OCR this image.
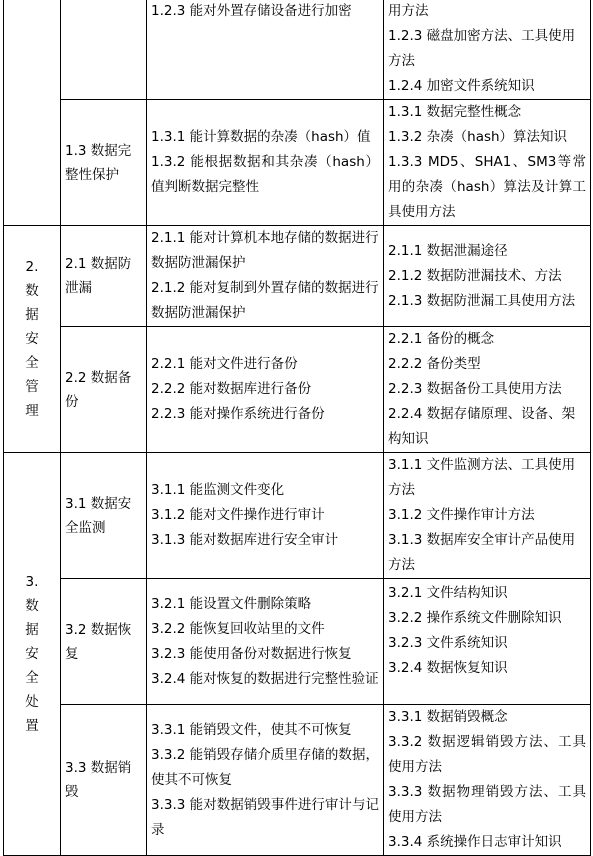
		1.2.3 能对外置存储设备进行加密	用方法
1.2.3 磁盘加密方法、工具使用方法
1.2.4 加密文件系统知识

	1.3 数据完整性保护	1.3.1 能计算数据的杂凑（hash）值
1.3.2 能根据数据和其杂凑（hash）值判断数据完整性	1.3.1 数据完整性概念
1.3.2 杂凑（hash）算法知识
1.3.3 MD5、SHA1、SM3等常用的杂凑（hash）算法及计算工具使用方法

2. 数据安全管理	2.1 数据防泄漏	2.1.1 能对计算机本地存储的数据进行数据防泄漏保护
2.1.2 能对复制到外置存储的数据进行数据防泄漏保护	2.1.1 数据泄漏途径
2.1.2 数据防泄漏技术、方法
2.1.3 数据防泄漏工具使用方法

	2.2 数据备份	2.2.1 能对文件进行备份
2.2.2 能对数据库进行备份
2.2.3 能对操作系统进行备份	2.2.1 备份的概念
2.2.2 备份类型
2.2.3 数据备份工具使用方法
2.2.4 数据存储原理、设备、架构知识

3. 数据安全处置	3.1 数据安全监测	3.1.1 能监测文件变化
3.1.2 能对文件操作进行审计
3.1.3 能对数据库进行安全审计	3.1.1 文件监测方法、工具使用方法
3.1.2 文件操作审计方法
3.1.3 数据库安全审计产品使用方法

	3.2 数据恢复	3.2.1 能设置文件删除策略
3.2.2 能恢复回收站里的文件
3.2.3 能使用备份对数据进行恢复
3.2.4 能对恢复的数据进行完整性验证	3.2.1 文件结构知识
3.2.2 操作系统文件删除知识
3.2.3 文件系统知识
3.2.4 数据恢复知识

	3.3 数据销毁	3.3.1 能销毁文件，使其不可恢复
3.3.2 能销毁存储介质里存储的数据，使其不可恢复
3.3.3 能对数据销毁事件进行审计与记录	3.3.1 数据销毁概念
3.3.2 数据逻辑销毁方法、工具使用方法
3.3.3 数据物理销毁方法、工具使用方法
3.3.4 系统操作日志审计知识
